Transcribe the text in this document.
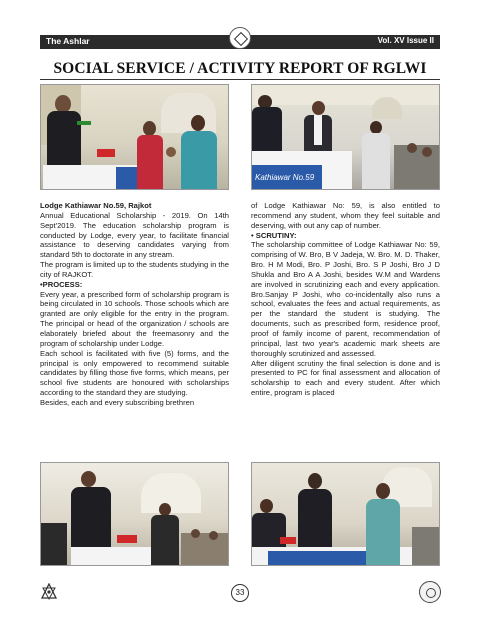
The Ashlar	Vol. XV Issue II
SOCIAL SERVICE / ACTIVITY REPORT OF RGLWI
Kathiawar No.59

Lodge Kathiawar No.59, Rajkot

Annual Educational Scholarship - 2019. On 14th Sept'2019. The education scholarship program is conducted by Lodge, every year, to facilitate financial assistance to deserving candidates varying from standard 5th to doctorate in any stream.

The program is limited up to the students studying in the city of RAJKOT.

•PROCESS:

Every year, a prescribed form of scholarship program is being circulated in 10 schools. Those schools which are granted are only eligible for the entry in the program. The principal or head of the organization / schools are elaborately briefed about the freemasonry and the program of scholarship under Lodge.

Each school is facilitated with five (5) forms, and the principal is only empowered to recommend suitable candidates by filling those five forms, which means, per school five students are honoured with scholarships according to the standard they are studying.

Besides, each and every subscribing brethren

of Lodge Kathiawar No: 59, is also entitled to recommend any student, whom they feel suitable and deserving, with out any cap of number.

• SCRUTINY:

The scholarship committee of Lodge Kathiawar No: 59, comprising of W. Bro, B V Jadeja, W. Bro. M. D. Thaker, Bro. H M Modi, Bro. P Joshi, Bro. S P Joshi, Bro J D Shukla and Bro A A Joshi, besides W.M and Wardens are involved in scrutinizing each and every application. Bro.Sanjay P Joshi, who co-incidentally also runs a school, evaluates the fees and actual requirements, as per the standard the student is studying. The documents, such as prescribed form, residence proof, proof of family income of parent, recommendation of principal, last two year's academic mark sheets are thoroughly scrutinized and assessed.

After diligent scrutiny the final selection is done and is presented to PC for final assessment and allocation of scholarship to each and every student. After which entire, program is placed

33
